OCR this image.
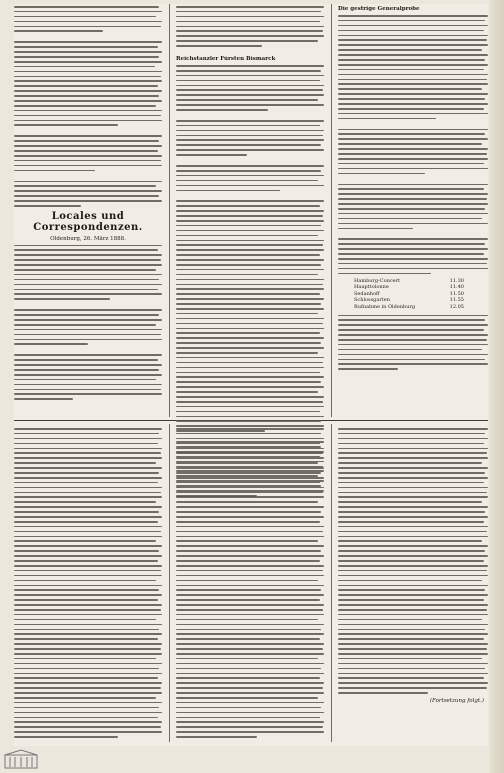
Locales und Correspondenzen.
Oldenburg, 26. März 1888.
Reichstanzler Fürsten Bismarck
Die gestrige Generalprobe
Hamburg-Concert	11.30
Haupttolonne	11.40
Sedanhoff	11.50
Schlossgarten	11.55
Rufnahme in Oldenburg	12.05
(Fortsetzung folgt.)
